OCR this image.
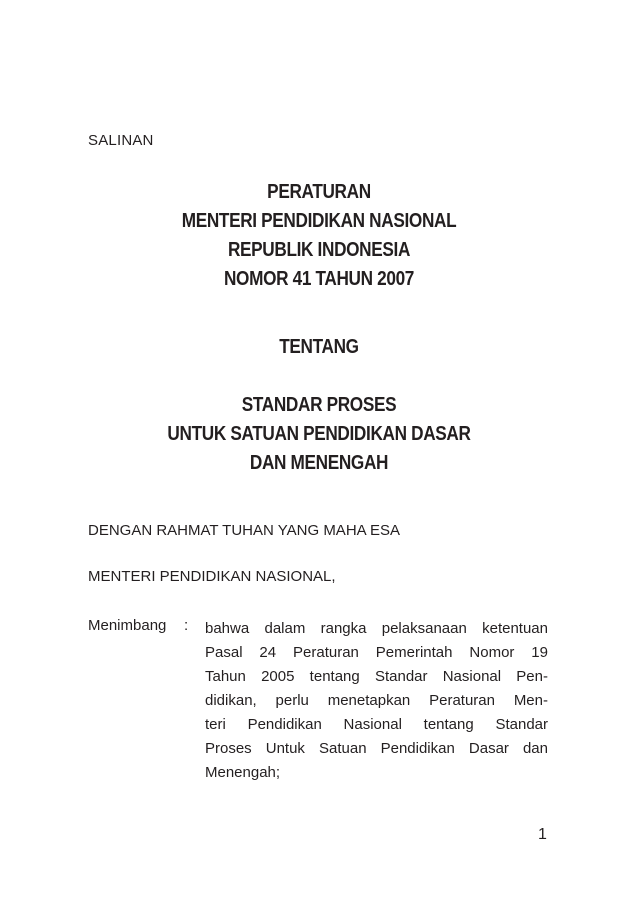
SALINAN
PERATURAN
MENTERI PENDIDIKAN NASIONAL
REPUBLIK INDONESIA
NOMOR 41 TAHUN 2007
TENTANG
STANDAR PROSES
UNTUK SATUAN PENDIDIKAN DASAR
DAN MENENGAH
DENGAN RAHMAT TUHAN YANG MAHA ESA
MENTERI PENDIDIKAN NASIONAL,
Menimbang : bahwa dalam rangka pelaksanaan ketentuan
Pasal 24 Peraturan Pemerintah Nomor 19
Tahun 2005 tentang Standar Nasional Pen-
didikan, perlu menetapkan Peraturan Men-
teri Pendidikan Nasional tentang Standar
Proses Untuk Satuan Pendidikan Dasar dan
Menengah;
1
